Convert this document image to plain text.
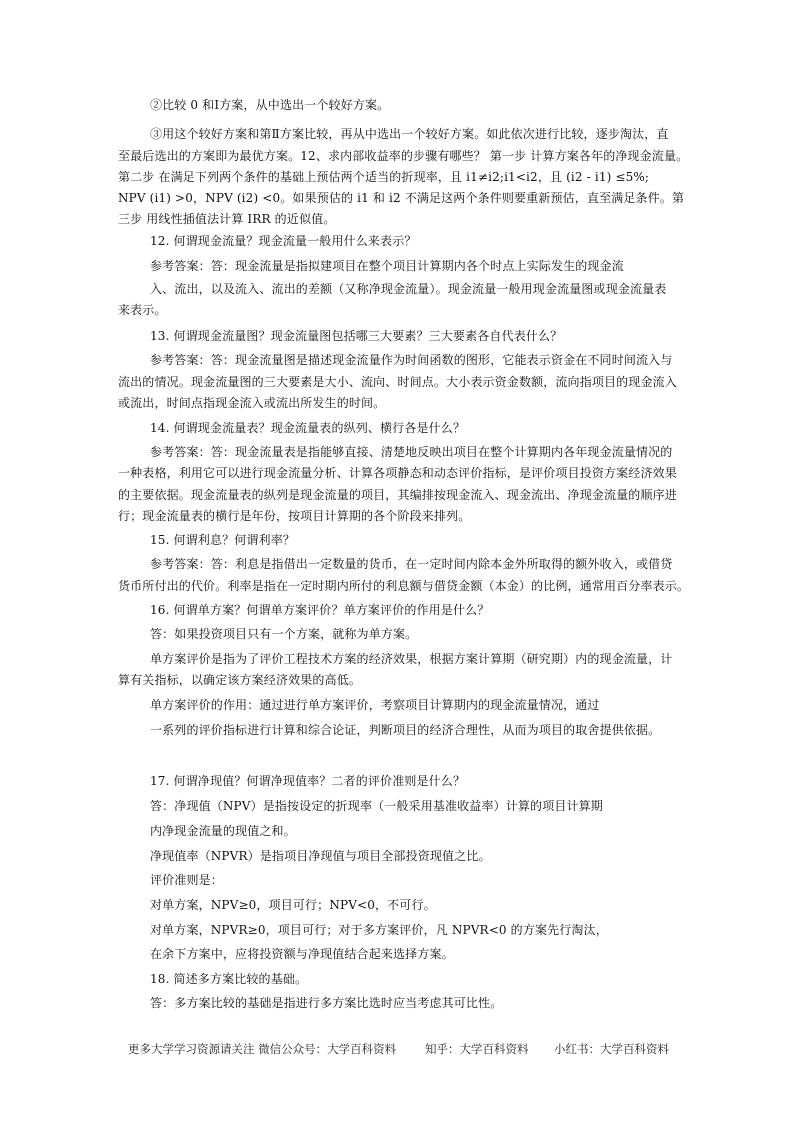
②比较 0 和Ⅰ方案，从中选出一个较好方案。
③用这个较好方案和第Ⅱ方案比较，再从中选出一个较好方案。如此依次进行比较，逐步淘汰，直
至最后选出的方案即为最优方案。12、求内部收益率的步骤有哪些？ 第一步 计算方案各年的净现金流量。
第二步 在满足下列两个条件的基础上预估两个适当的折现率，且 i1≠i2;i1<i2，且 (i2 - i1) ≤5%;
NPV (i1) >0，NPV (i2) <0。如果预估的 i1 和 i2 不满足这两个条件则要重新预估，直至满足条件。第
三步 用线性插值法计算 IRR 的近似值。
12. 何谓现金流量？现金流量一般用什么来表示？
参考答案：答：现金流量是指拟建项目在整个项目计算期内各个时点上实际发生的现金流
入、流出，以及流入、流出的差额（又称净现金流量）。现金流量一般用现金流量图或现金流量表
来表示。
13. 何谓现金流量图？现金流量图包括哪三大要素？三大要素各自代表什么？
参考答案：答：现金流量图是描述现金流量作为时间函数的图形，它能表示资金在不同时间流入与
流出的情况。现金流量图的三大要素是大小、流向、时间点。大小表示资金数额，流向指项目的现金流入
或流出，时间点指现金流入或流出所发生的时间。
14. 何谓现金流量表？现金流量表的纵列、横行各是什么？
参考答案：答：现金流量表是指能够直接、清楚地反映出项目在整个计算期内各年现金流量情况的
一种表格，利用它可以进行现金流量分析、计算各项静态和动态评价指标，是评价项目投资方案经济效果
的主要依据。现金流量表的纵列是现金流量的项目，其编排按现金流入、现金流出、净现金流量的顺序进
行；现金流量表的横行是年份，按项目计算期的各个阶段来排列。
15. 何谓利息？何谓利率？
参考答案：答：利息是指借出一定数量的货币，在一定时间内除本金外所取得的额外收入，或借贷
货币所付出的代价。利率是指在一定时期内所付的利息额与借贷金额（本金）的比例，通常用百分率表示。
16. 何谓单方案？何谓单方案评价？单方案评价的作用是什么？
答：如果投资项目只有一个方案，就称为单方案。
单方案评价是指为了评价工程技术方案的经济效果，根据方案计算期（研究期）内的现金流量，计
算有关指标，以确定该方案经济效果的高低。
单方案评价的作用：通过进行单方案评价，考察项目计算期内的现金流量情况，通过
一系列的评价指标进行计算和综合论证，判断项目的经济合理性，从而为项目的取舍提供依据。
17. 何谓净现值？何谓净现值率？二者的评价准则是什么？
答：净现值（NPV）是指按设定的折现率（一般采用基准收益率）计算的项目计算期
内净现金流量的现值之和。
净现值率（NPVR）是指项目净现值与项目全部投资现值之比。
评价准则是：
对单方案，NPV≥0，项目可行；NPV<0，不可行。
对单方案，NPVR≥0，项目可行；对于多方案评价，凡 NPVR<0 的方案先行淘汰，
在余下方案中，应将投资额与净现值结合起来选择方案。
18. 简述多方案比较的基础。
答：多方案比较的基础是指进行多方案比选时应当考虑其可比性。
更多大学学习资源请关注 微信公众号：大学百科资料	知乎：大学百科资料 小红书：大学百科资料
